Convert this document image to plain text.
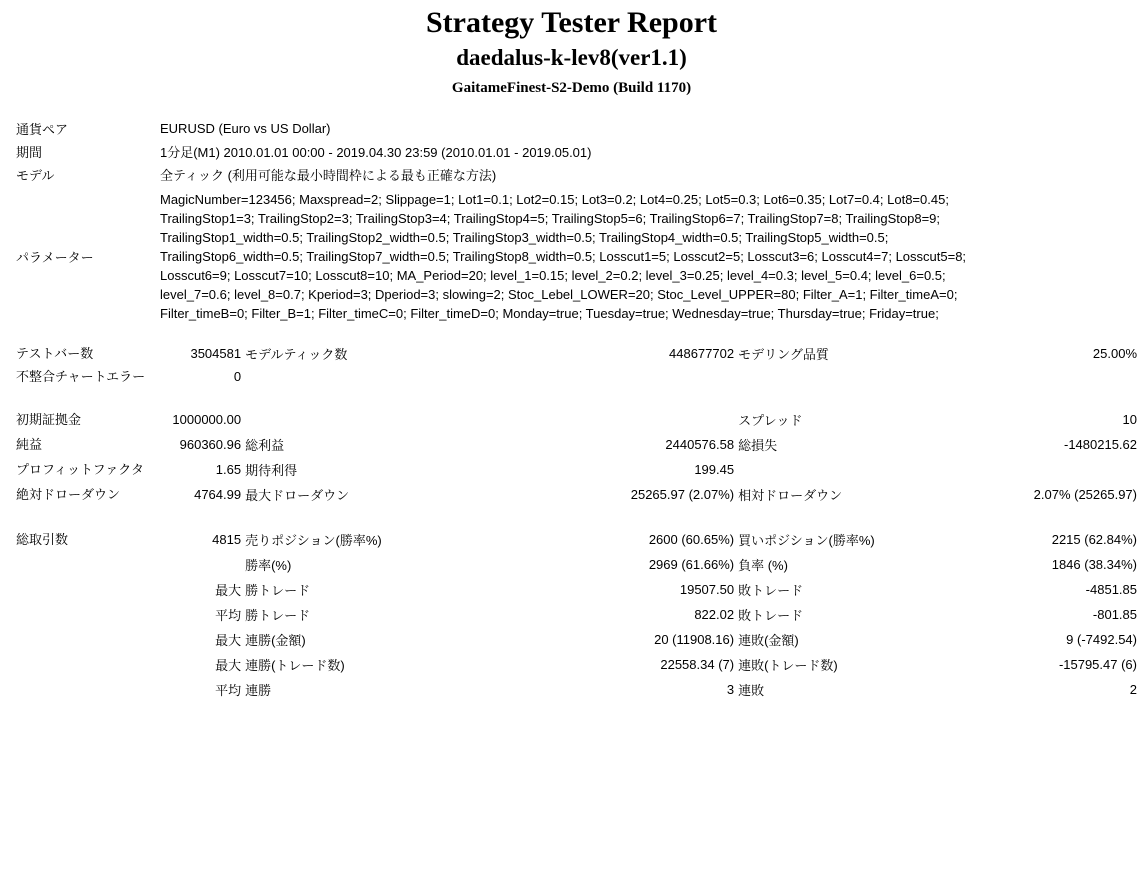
Strategy Tester Report
daedalus-k-lev8(ver1.1)
GaitameFinest-S2-Demo (Build 1170)
通貨ペア	EURUSD (Euro vs US Dollar)
期間	1分足(M1) 2010.01.01 00:00 - 2019.04.30 23:59 (2010.01.01 - 2019.05.01)
モデル	全ティック (利用可能な最小時間枠による最も正確な方法)
パラメーター	
MagicNumber=123456; Maxspread=2; Slippage=1; Lot1=0.1; Lot2=0.15; Lot3=0.2; Lot4=0.25; Lot5=0.3; Lot6=0.35; Lot7=0.4; Lot8=0.45;
TrailingStop1=3; TrailingStop2=3; TrailingStop3=4; TrailingStop4=5; TrailingStop5=6; TrailingStop6=7; TrailingStop7=8; TrailingStop8=9;
TrailingStop1_width=0.5; TrailingStop2_width=0.5; TrailingStop3_width=0.5; TrailingStop4_width=0.5; TrailingStop5_width=0.5;
TrailingStop6_width=0.5; TrailingStop7_width=0.5; TrailingStop8_width=0.5; Losscut1=5; Losscut2=5; Losscut3=6; Losscut4=7; Losscut5=8;
Losscut6=9; Losscut7=10; Losscut8=10; MA_Period=20; level_1=0.15; level_2=0.2; level_3=0.25; level_4=0.3; level_5=0.4; level_6=0.5;
level_7=0.6; level_8=0.7; Kperiod=3; Dperiod=3; slowing=2; Stoc_Lebel_LOWER=20; Stoc_Level_UPPER=80; Filter_A=1; Filter_timeA=0;
Filter_timeB=0; Filter_B=1; Filter_timeC=0; Filter_timeD=0; Monday=true; Tuesday=true; Wednesday=true; Thursday=true; Friday=true;
テストバー数	3504581	モデルティック数	448677702	モデリング品質	25.00%
不整合チャートエラー	0				

初期証拠金	1000000.00			スプレッド	10
純益	960360.96	総利益	2440576.58	総損失	-1480215.62
プロフィットファクタ	1.65	期待利得	199.45		
絶対ドローダウン	4764.99	最大ドローダウン	25265.97 (2.07%)	相対ドローダウン	2.07% (25265.97)

総取引数	4815	売りポジション(勝率%)	2600 (60.65%)	買いポジション(勝率%)	2215 (62.84%)
		勝率(%)	2969 (61.66%)	負率 (%)	1846 (38.34%)
	最大	勝トレード	19507.50	敗トレード	-4851.85
	平均	勝トレード	822.02	敗トレード	-801.85
	最大	連勝(金額)	20 (11908.16)	連敗(金額)	9 (-7492.54)
	最大	連勝(トレード数)	22558.34 (7)	連敗(トレード数)	-15795.47 (6)
	平均	連勝	3	連敗	2
